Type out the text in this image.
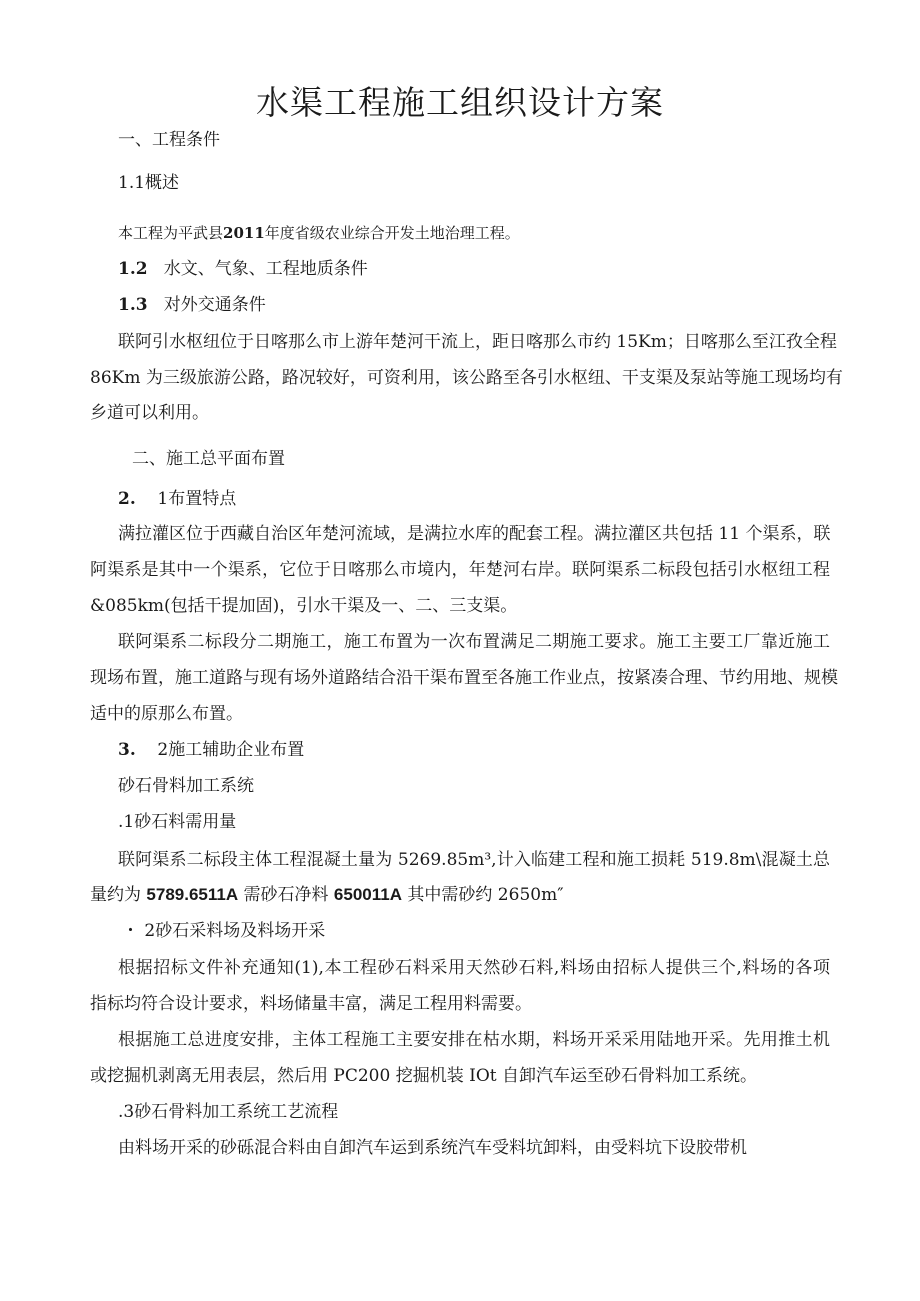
水渠工程施工组织设计方案
一、工程条件
1.1概述
本工程为平武县2011年度省级农业综合开发土地治理工程。
1.2 水文、气象、工程地质条件
1.3 对外交通条件
联阿引水枢纽位于日喀那么市上游年楚河干流上，距日喀那么市约 15Km；日喀那么至江孜全程
86Km 为三级旅游公路，路况较好，可资利用，该公路至各引水枢纽、干支渠及泵站等施工现场均有
乡道可以利用。
二、施工总平面布置
2. 1布置特点
满拉灌区位于西藏自治区年楚河流域，是满拉水库的配套工程。满拉灌区共包括 11 个渠系，联
阿渠系是其中一个渠系，它位于日喀那么市境内，年楚河右岸。联阿渠系二标段包括引水枢纽工程
&085km(包括干提加固)，引水干渠及一、二、三支渠。
联阿渠系二标段分二期施工，施工布置为一次布置满足二期施工要求。施工主要工厂靠近施工
现场布置，施工道路与现有场外道路结合沿干渠布置至各施工作业点，按紧凑合理、节约用地、规模
适中的原那么布置。
3. 2施工辅助企业布置
砂石骨料加工系统
.1砂石料需用量
联阿渠系二标段主体工程混凝土量为 5269.85m³,计入临建工程和施工损耗 519.8m\混凝土总
量约为 5789.6511A 需砂石净料 650011A 其中需砂约 2650m″
・ 2砂石采料场及料场开采
根据招标文件补充通知(1),本工程砂石料采用天然砂石料,料场由招标人提供三个,料场的各项
指标均符合设计要求，料场储量丰富，满足工程用料需要。
根据施工总进度安排，主体工程施工主要安排在枯水期，料场开采采用陆地开采。先用推土机
或挖掘机剥离无用表层，然后用 PC200 挖掘机装 IOt 自卸汽车运至砂石骨料加工系统。
.3砂石骨料加工系统工艺流程
由料场开采的砂砾混合料由自卸汽车运到系统汽车受料坑卸料，由受料坑下设胶带机
